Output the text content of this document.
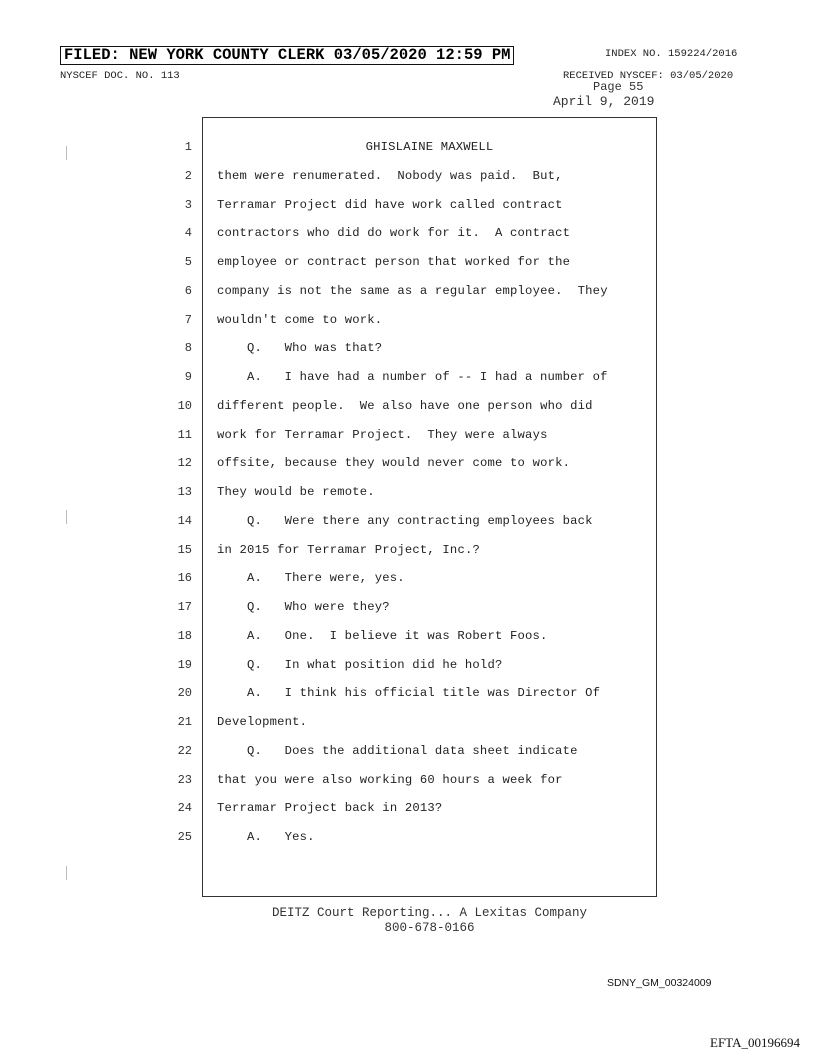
FILED: NEW YORK COUNTY CLERK 03/05/2020 12:59 PM	INDEX NO. 159224/2016
NYSCEF DOC. NO. 113	RECEIVED NYSCEF: 03/05/2020
Page 55
April 9, 2019
1	GHISLAINE MAXWELL
2 them were renumerated.  Nobody was paid.  But,
3 Terramar Project did have work called contract
4 contractors who did do work for it.  A contract
5 employee or contract person that worked for the
6 company is not the same as a regular employee.  They
7 wouldn't come to work.
8	Q.   Who was that?
9	A.   I have had a number of -- I had a number of
10 different people.  We also have one person who did
11 work for Terramar Project.  They were always
12 offsite, because they would never come to work.
13 They would be remote.
14	Q.   Were there any contracting employees back
15 in 2015 for Terramar Project, Inc.?
16	A.   There were, yes.
17	Q.   Who were they?
18	A.   One.  I believe it was Robert Foos.
19	Q.   In what position did he hold?
20	A.   I think his official title was Director Of
21 Development.
22	Q.   Does the additional data sheet indicate
23 that you were also working 60 hours a week for
24 Terramar Project back in 2013?
25	A.   Yes.
DEITZ Court Reporting... A Lexitas Company
800-678-0166
SDNY_GM_00324009
EFTA_00196694
